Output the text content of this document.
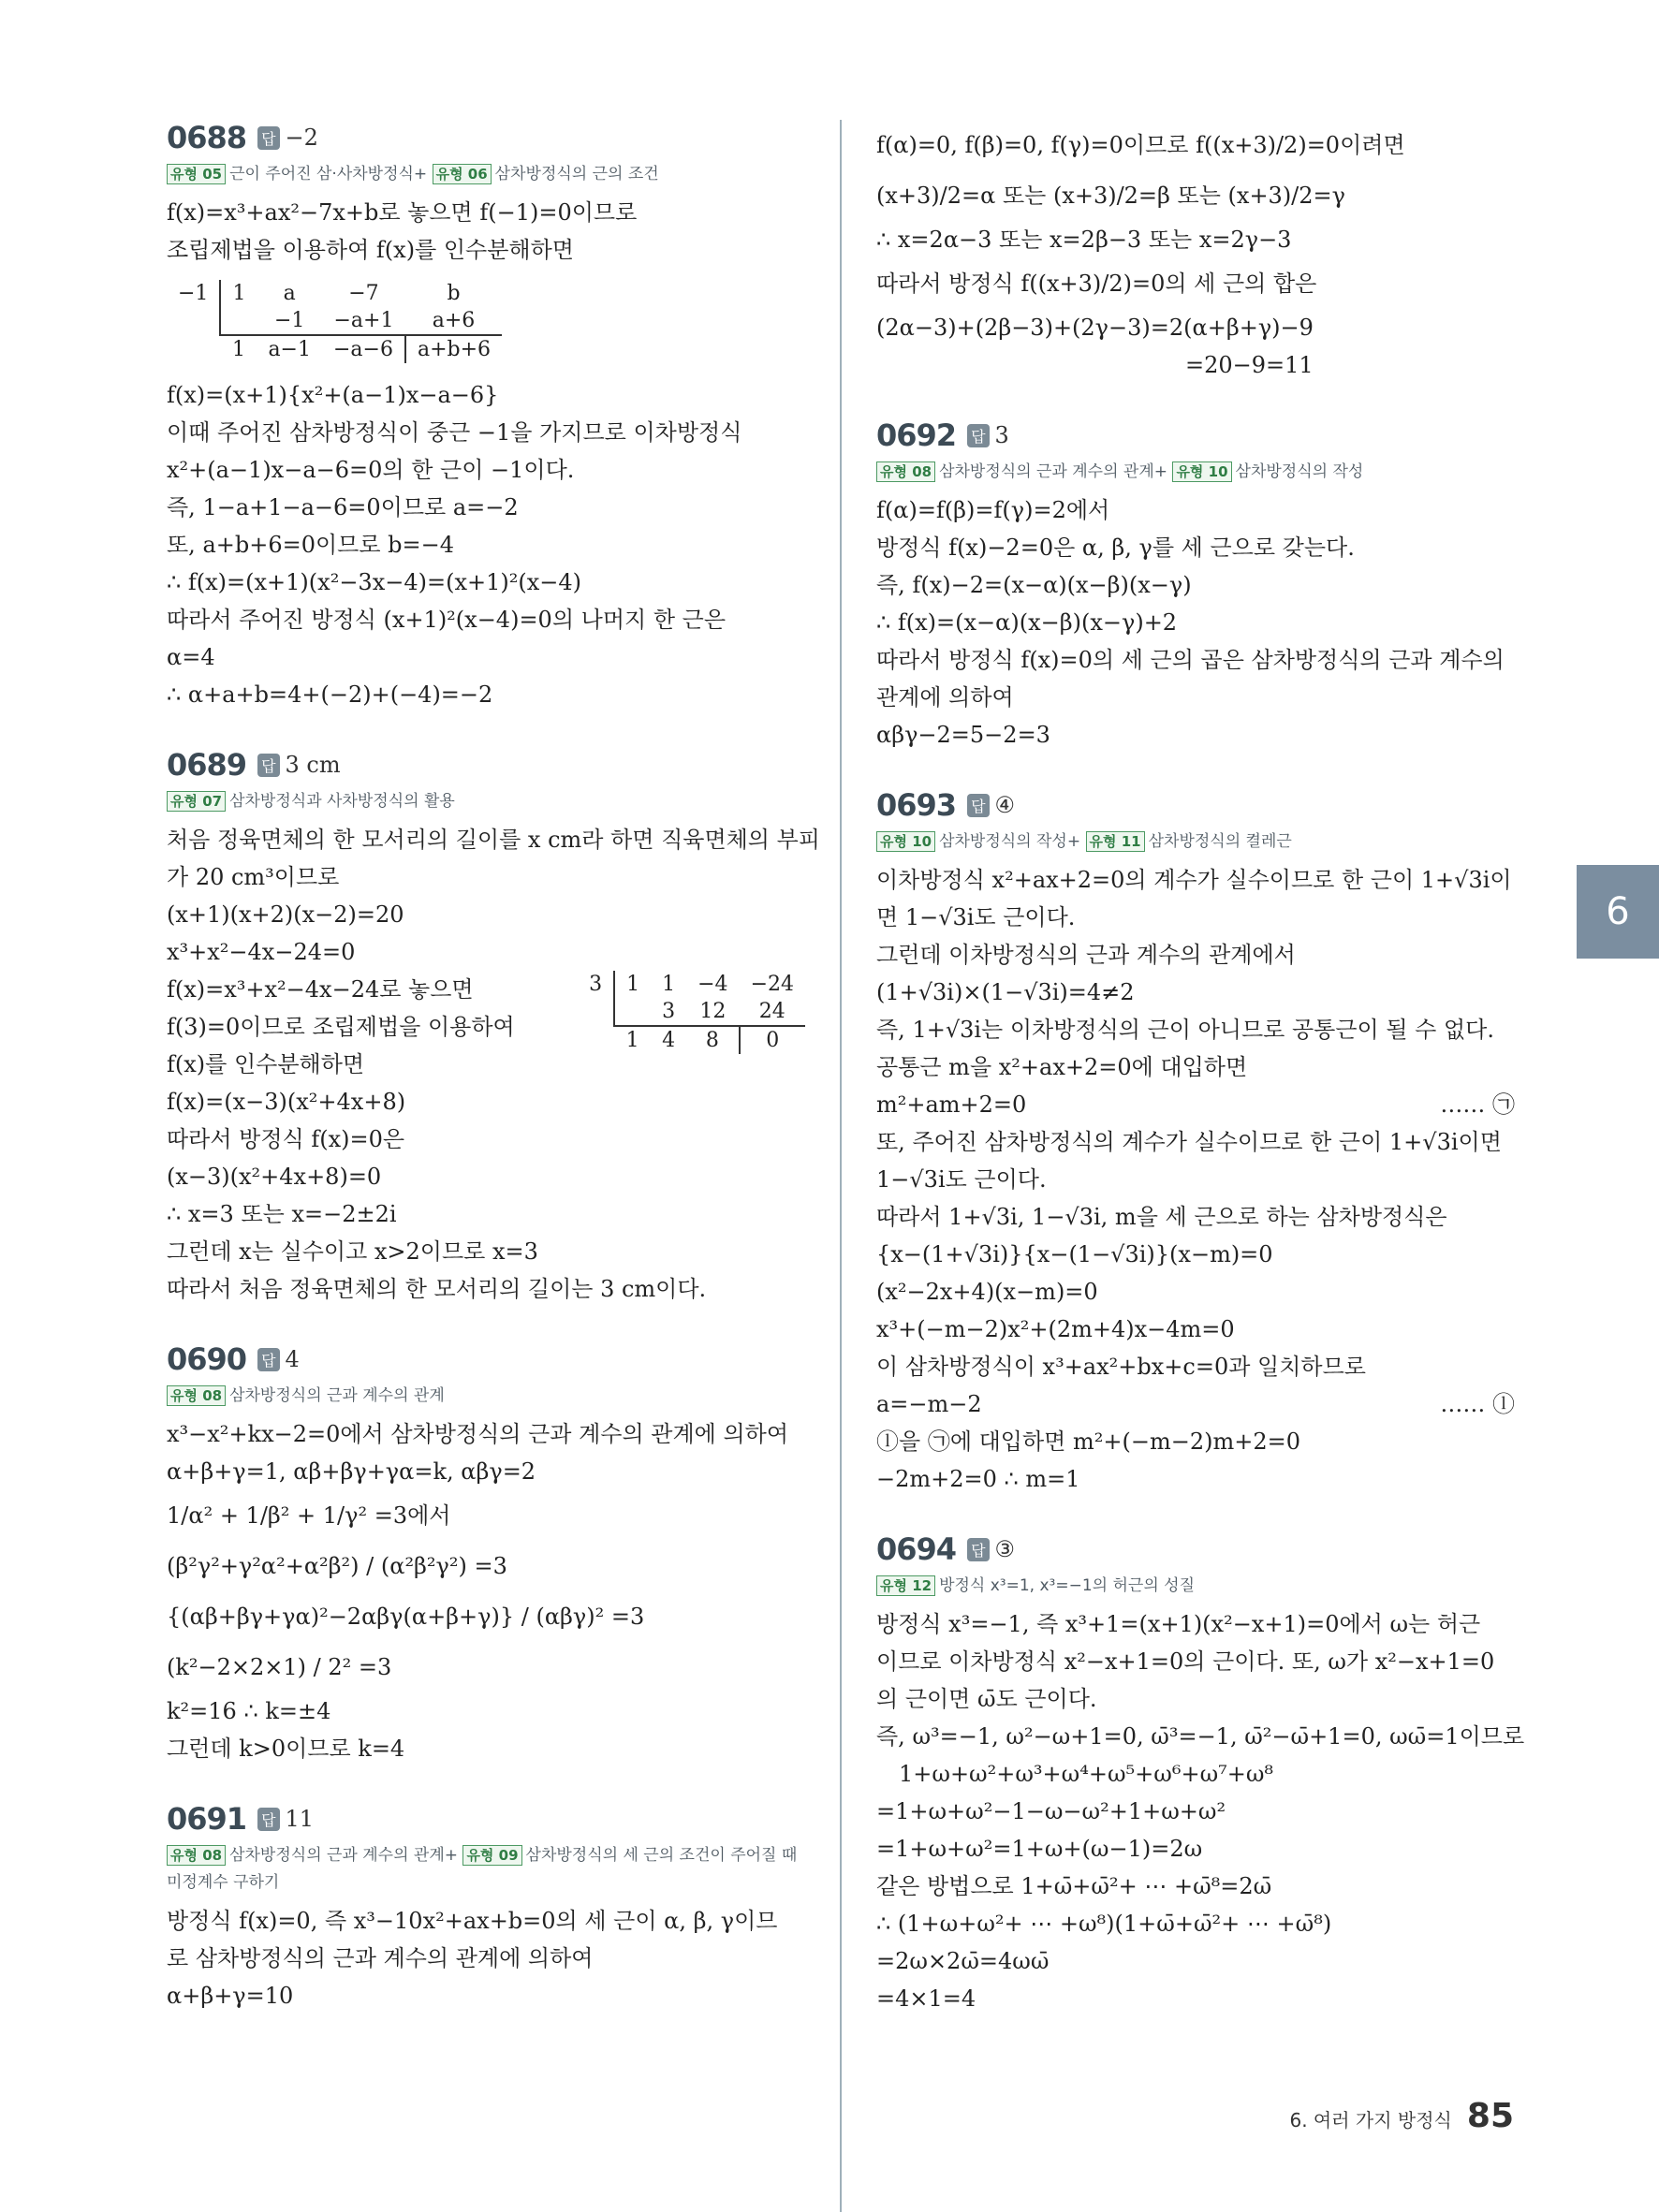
0688 답 −2
유형 05 근이 주어진 삼·사차방정식+ 유형 06 삼차방정식의 근의 조건
f(x)=x³+ax²−7x+b로 놓으면 f(−1)=0이므로
조립제법을 이용하여 f(x)를 인수분해하면
−1	1	a	−7	b
		−1	−a+1	a+6
	1	a−1	−a−6	a+b+6
f(x)=(x+1){x²+(a−1)x−a−6}
이때 주어진 삼차방정식이 중근 −1을 가지므로 이차방정식
x²+(a−1)x−a−6=0의 한 근이 −1이다.
즉, 1−a+1−a−6=0이므로 a=−2
또, a+b+6=0이므로 b=−4
∴ f(x)=(x+1)(x²−3x−4)=(x+1)²(x−4)
따라서 주어진 방정식 (x+1)²(x−4)=0의 나머지 한 근은
α=4
∴ α+a+b=4+(−2)+(−4)=−2
0689 답 3 cm
유형 07 삼차방정식과 사차방정식의 활용
처음 정육면체의 한 모서리의 길이를 x cm라 하면 직육면체의 부피
가 20 cm³이므로
(x+1)(x+2)(x−2)=20
x³+x²−4x−24=0
f(x)=x³+x²−4x−24로 놓으면
f(3)=0이므로 조립제법을 이용하여
f(x)를 인수분해하면
3	1	1	−4	−24
		3	12	24
	1	4	8	0
f(x)=(x−3)(x²+4x+8)
따라서 방정식 f(x)=0은
(x−3)(x²+4x+8)=0
∴ x=3 또는 x=−2±2i
그런데 x는 실수이고 x>2이므로 x=3
따라서 처음 정육면체의 한 모서리의 길이는 3 cm이다.
0690 답 4
유형 08 삼차방정식의 근과 계수의 관계
x³−x²+kx−2=0에서 삼차방정식의 근과 계수의 관계에 의하여
α+β+γ=1, αβ+βγ+γα=k, αβγ=2
1/α² + 1/β² + 1/γ² =3에서
(β²γ²+γ²α²+α²β²) / (α²β²γ²) =3
{(αβ+βγ+γα)²−2αβγ(α+β+γ)} / (αβγ)² =3
(k²−2×2×1) / 2² =3
k²=16 ∴ k=±4
그런데 k>0이므로 k=4
0691 답 11
유형 08 삼차방정식의 근과 계수의 관계+ 유형 09 삼차방정식의 세 근의 조건이 주어질 때 미정계수 구하기
방정식 f(x)=0, 즉 x³−10x²+ax+b=0의 세 근이 α, β, γ이므
로 삼차방정식의 근과 계수의 관계에 의하여
α+β+γ=10
f(α)=0, f(β)=0, f(γ)=0이므로 f((x+3)/2)=0이려면
(x+3)/2=α 또는 (x+3)/2=β 또는 (x+3)/2=γ
∴ x=2α−3 또는 x=2β−3 또는 x=2γ−3
따라서 방정식 f((x+3)/2)=0의 세 근의 합은
(2α−3)+(2β−3)+(2γ−3)=2(α+β+γ)−9
=20−9=11
0692 답 3
유형 08 삼차방정식의 근과 계수의 관계+ 유형 10 삼차방정식의 작성
f(α)=f(β)=f(γ)=2에서
방정식 f(x)−2=0은 α, β, γ를 세 근으로 갖는다.
즉, f(x)−2=(x−α)(x−β)(x−γ)
∴ f(x)=(x−α)(x−β)(x−γ)+2
따라서 방정식 f(x)=0의 세 근의 곱은 삼차방정식의 근과 계수의
관계에 의하여
αβγ−2=5−2=3
0693 답 ④
유형 10 삼차방정식의 작성+ 유형 11 삼차방정식의 켤레근
이차방정식 x²+ax+2=0의 계수가 실수이므로 한 근이 1+√3i이
면 1−√3i도 근이다.
그런데 이차방정식의 근과 계수의 관계에서
(1+√3i)×(1−√3i)=4≠2
즉, 1+√3i는 이차방정식의 근이 아니므로 공통근이 될 수 없다.
공통근 m을 x²+ax+2=0에 대입하면
m²+am+2=0	…… ㉠
또, 주어진 삼차방정식의 계수가 실수이므로 한 근이 1+√3i이면
1−√3i도 근이다.
따라서 1+√3i, 1−√3i, m을 세 근으로 하는 삼차방정식은
{x−(1+√3i)}{x−(1−√3i)}(x−m)=0
(x²−2x+4)(x−m)=0
x³+(−m−2)x²+(2m+4)x−4m=0
이 삼차방정식이 x³+ax²+bx+c=0과 일치하므로
a=−m−2	…… ⓛ
ⓛ을 ㉠에 대입하면 m²+(−m−2)m+2=0
−2m+2=0 ∴ m=1
0694 답 ③
유형 12 방정식 x³=1, x³=−1의 허근의 성질
방정식 x³=−1, 즉 x³+1=(x+1)(x²−x+1)=0에서 ω는 허근
이므로 이차방정식 x²−x+1=0의 근이다. 또, ω가 x²−x+1=0
의 근이면 ω̄도 근이다.
즉, ω³=−1, ω²−ω+1=0, ω̄³=−1, ω̄²−ω̄+1=0, ωω̄=1이므로
1+ω+ω²+ω³+ω⁴+ω⁵+ω⁶+ω⁷+ω⁸
=1+ω+ω²−1−ω−ω²+1+ω+ω²
=1+ω+ω²=1+ω+(ω−1)=2ω
같은 방법으로 1+ω̄+ω̄²+ ⋯ +ω̄⁸=2ω̄
∴ (1+ω+ω²+ ⋯ +ω⁸)(1+ω̄+ω̄²+ ⋯ +ω̄⁸)
=2ω×2ω̄=4ωω̄
=4×1=4
6
6. 여러 가지 방정식 85
